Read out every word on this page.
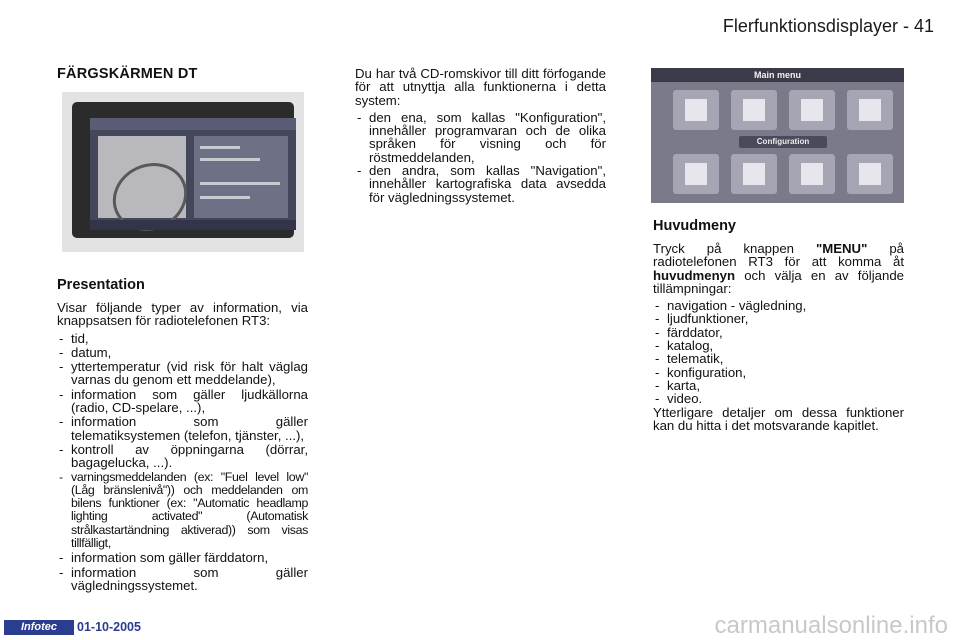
Flerfunktionsdisplayer - 41
FÄRGSKÄRMEN DT
Presentation

Visar följande typer av information, via knappsatsen för radiotelefonen RT3:

- tid,
- datum,
- yttertemperatur (vid risk för halt väglag varnas du genom ett meddelande),
- information som gäller ljudkällorna (radio, CD-spelare, ...),
- information som gäller telematiksystemen (telefon, tjänster, ...),
- kontroll av öppningarna (dörrar, bagagelucka, ...).
- varningsmeddelanden (ex: "Fuel level low" (Låg bränslenivå")) och meddelanden om bilens funktioner (ex: "Automatic headlamp lighting activated" (Automatisk strålkastartändning aktiverad)) som visas tillfälligt,
- information som gäller färddatorn,
- information som gäller vägledningssystemet.

Du har två CD-romskivor till ditt förfogande för att utnyttja alla funktionerna i detta system:

- den ena, som kallas "Konfiguration", innehåller programvaran och de olika språken för visning och för röstmeddelanden,
- den andra, som kallas "Navigation", innehåller kartografiska data avsedda för vägledningssystemet.
Main menu
Configuration
Huvudmeny

Tryck på knappen "MENU" på radiotelefonen RT3 för att komma åt huvudmenyn och välja en av följande tillämpningar:

- navigation - vägledning,
- ljudfunktioner,
- färddator,
- katalog,
- telematik,
- konfiguration,
- karta,
- video.

Ytterligare detaljer om dessa funktioner kan du hitta i det motsvarande kapitlet.

Infotec	01-10-2005	carmanualsonline.info
